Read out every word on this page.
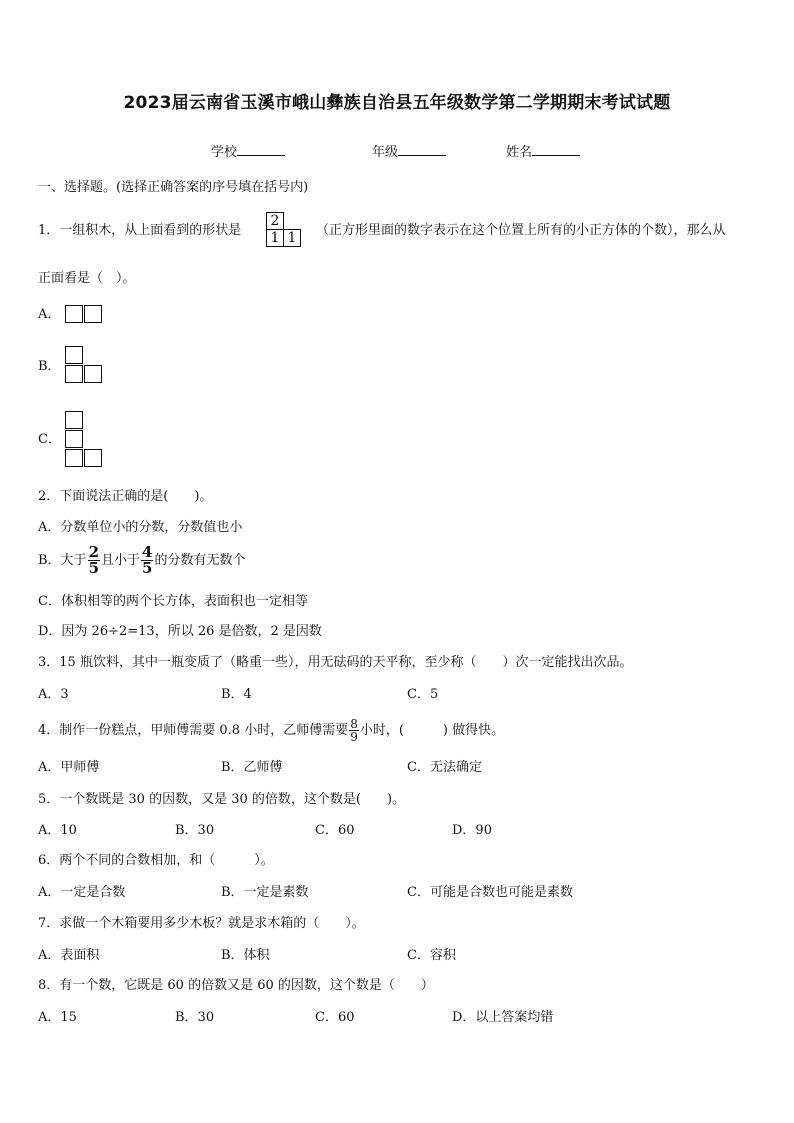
2023届云南省玉溪市峨山彝族自治县五年级数学第二学期期末考试试题
学校	年级	姓名
一、选择题。(选择正确答案的序号填在括号内)
1．一组积木，从上面看到的形状是
2
1 1	（正方形里面的数字表示在这个位置上所有的小正方体的个数），那么从
正面看是（　）。
A．
B．
C．
2．下面说法正确的是(　　)。
A．分数单位小的分数，分数值也小
B．大于 $\frac{2}{5}$ 且小于 $\frac{4}{5}$ 的分数有无数个
C．体积相等的两个长方体，表面积也一定相等
D．因为 26÷2=13，所以 26 是倍数，2 是因数
3．15 瓶饮料，其中一瓶变质了（略重一些），用无砝码的天平称，至少称（　　）次一定能找出次品。
A．3	B．4	C．5
4．制作一份糕点，甲师傅需要 0.8 小时，乙师傅需要 $\frac{8}{9}$ 小时，(　　　) 做得快。
A．甲师傅	B．乙师傅	C．无法确定
5．一个数既是 30 的因数，又是 30 的倍数，这个数是(　　)。
A．10	B．30	C．60	D．90
6．两个不同的合数相加，和（　　　）。
A．一定是合数	B．一定是素数	C．可能是合数也可能是素数
7．求做一个木箱要用多少木板？就是求木箱的（　　）。
A．表面积	B．体积	C．容积
8．有一个数，它既是 60 的倍数又是 60 的因数，这个数是（　　）
A．15	B．30	C．60	D．以上答案均错
